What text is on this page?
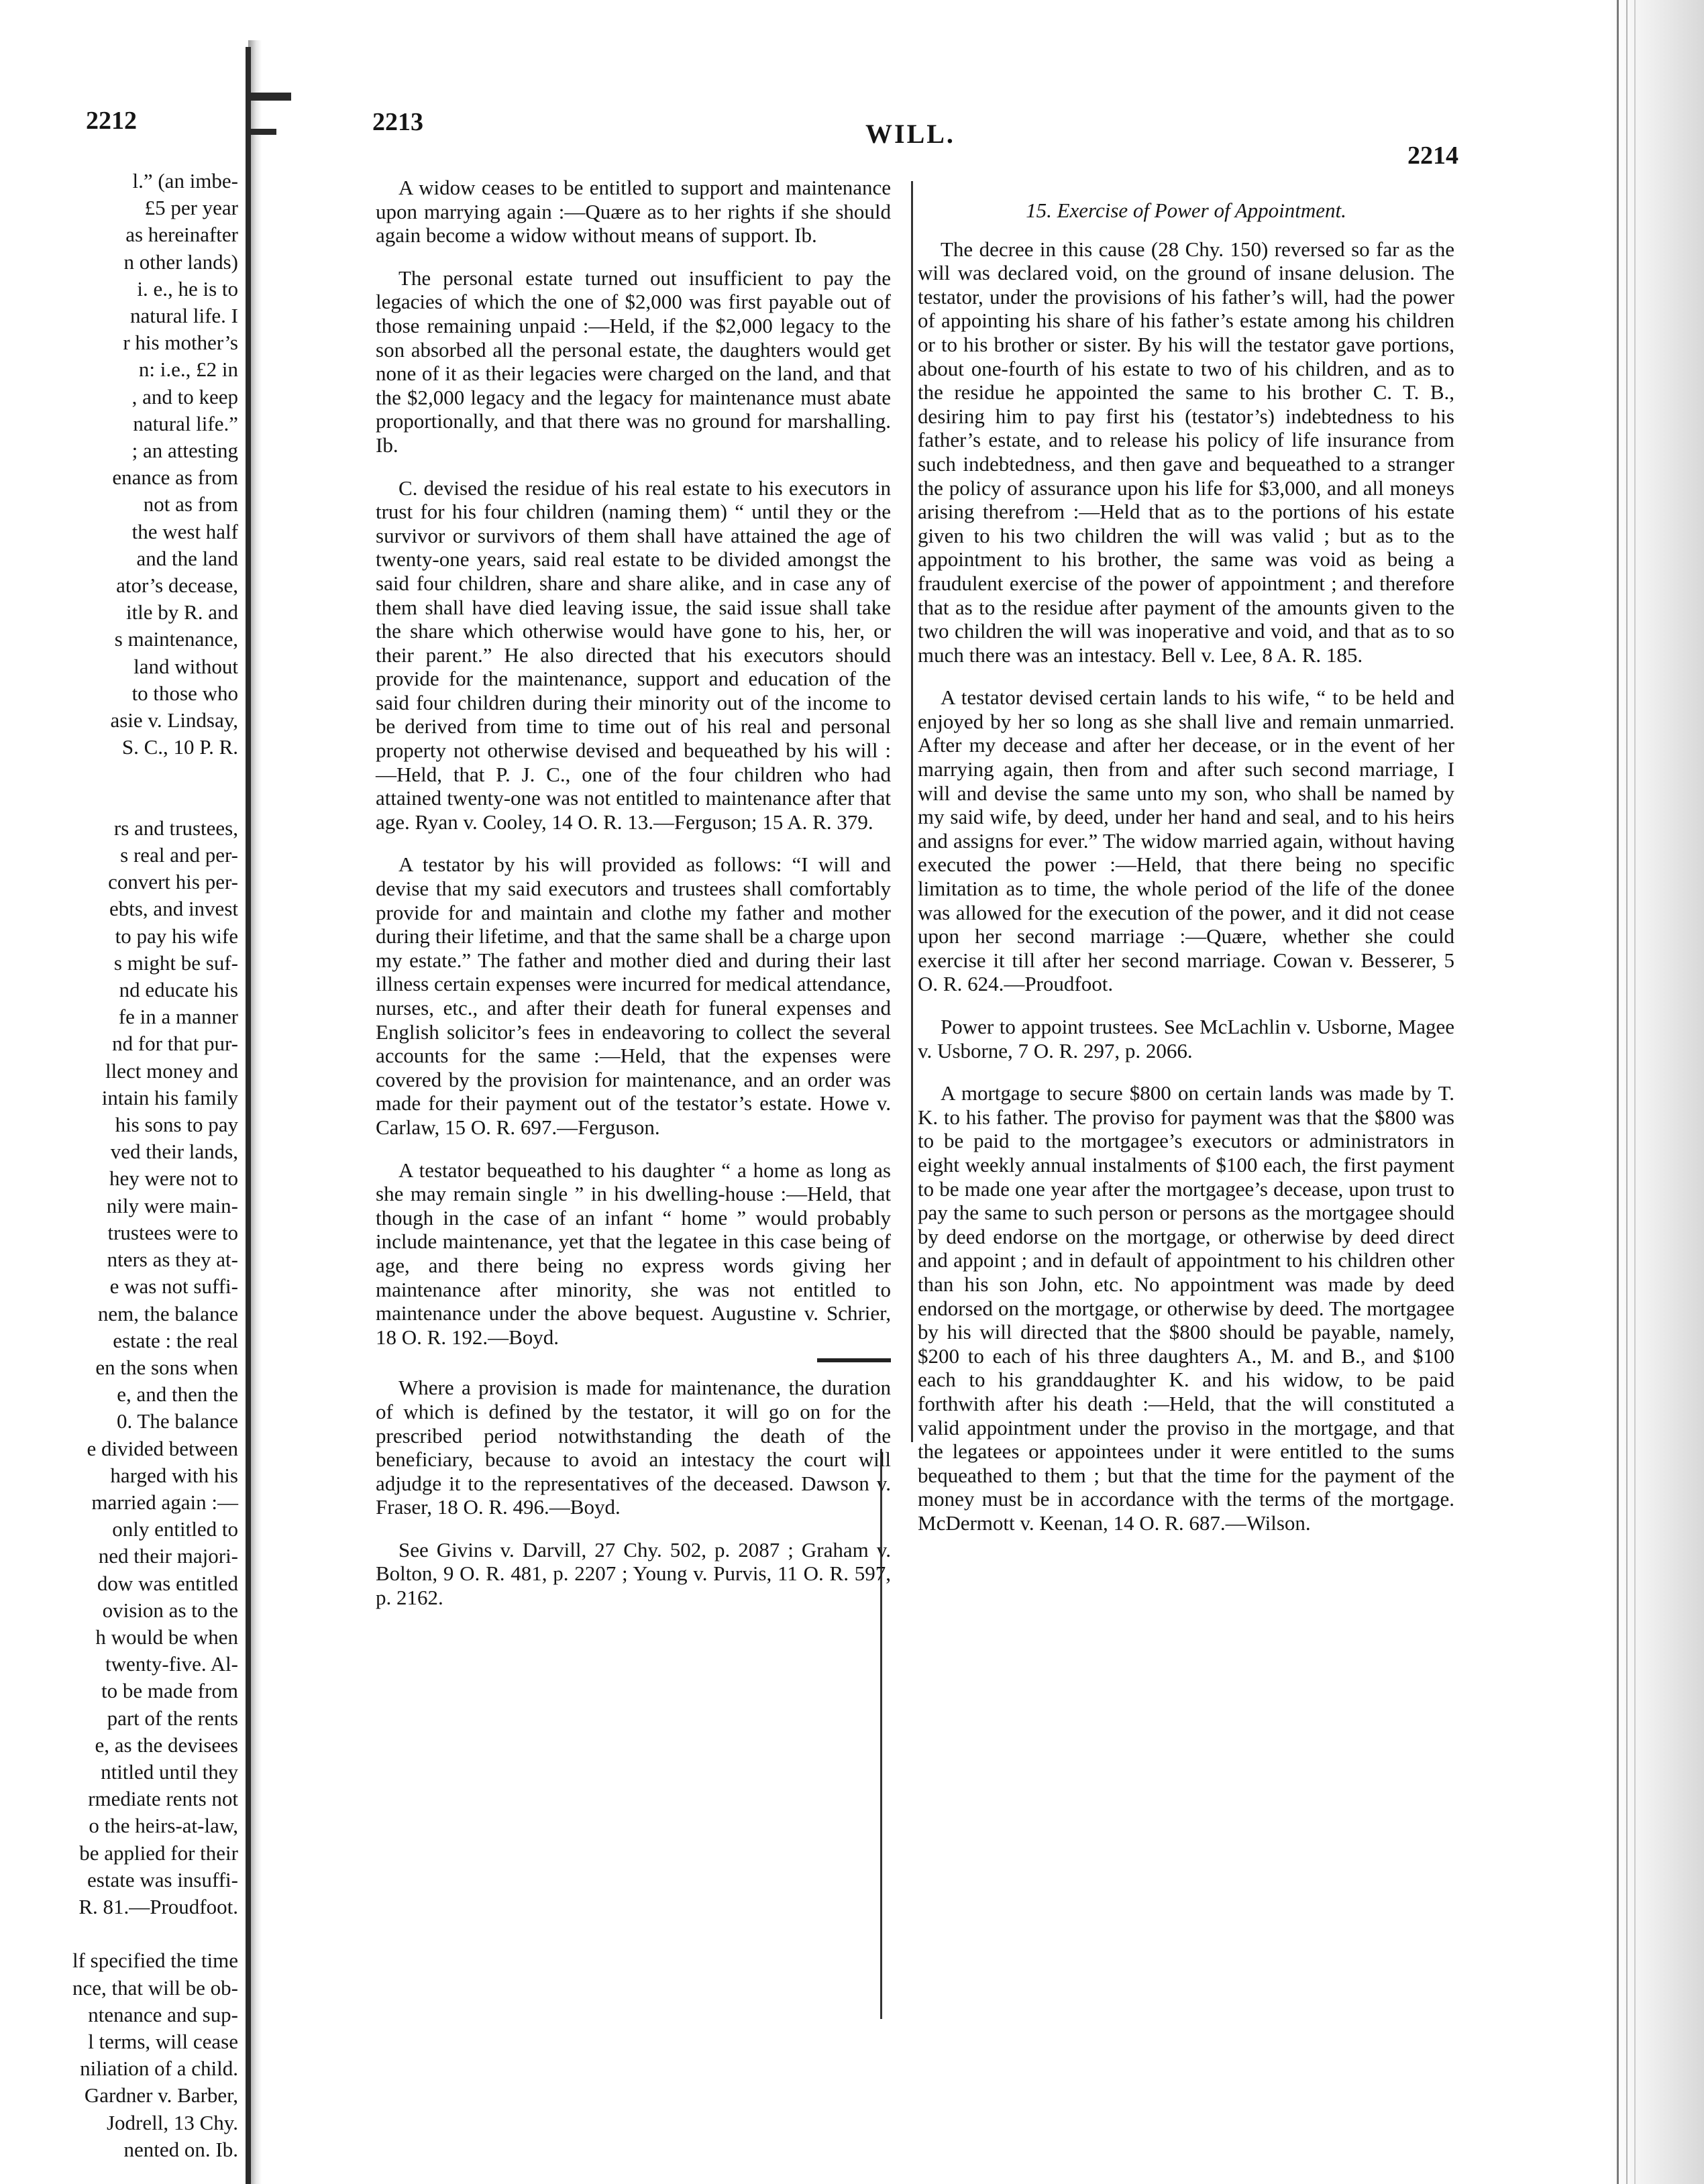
2212	2213
2214
WILL.
l.” (an imbe-
£5 per year
as hereinafter
n other lands)
i. e., he is to
natural life. I
r his mother’s
n: i.e., £2 in
, and to keep
natural life.”
; an attesting
enance as from
not as from
the west half
and the land
ator’s decease,
itle by R. and
s maintenance,
land without
to those who
asie v. Lindsay,
S. C., 10 P. R.
rs and trustees,
s real and per-
convert his per-
ebts, and invest
to pay his wife
s might be suf-
nd educate his
fe in a manner
nd for that pur-
llect money and
intain his family
his sons to pay
ved their lands,
hey were not to
nily were main-
trustees were to
nters as they at-
e was not suffi-
nem, the balance
estate : the real
en the sons when
e, and then the
0. The balance
e divided between
harged with his
married again :—
only entitled to
ned their majori-
dow was entitled
ovision as to the
h would be when
twenty-five. Al-
to be made from
part of the rents
e, as the devisees
ntitled until they
rmediate rents not
o the heirs-at-law,
be applied for their
estate was insuffi-
R. 81.—Proudfoot.
lf specified the time
nce, that will be ob-
ntenance and sup-
l terms, will cease
niliation of a child.
Gardner v. Barber,
Jodrell, 13 Chy.
nented on. Ib.

A widow ceases to be entitled to support and maintenance upon marrying again :—Quære as to her rights if she should again become a widow without means of support. Ib.

The personal estate turned out insufficient to pay the legacies of which the one of $2,000 was first payable out of those remaining unpaid :—Held, if the $2,000 legacy to the son absorbed all the personal estate, the daughters would get none of it as their legacies were charged on the land, and that the $2,000 legacy and the legacy for maintenance must abate proportionally, and that there was no ground for marshalling. Ib.

C. devised the residue of his real estate to his executors in trust for his four children (naming them) “ until they or the survivor or survivors of them shall have attained the age of twenty-one years, said real estate to be divided amongst the said four children, share and share alike, and in case any of them shall have died leaving issue, the said issue shall take the share which otherwise would have gone to his, her, or their parent.” He also directed that his executors should provide for the maintenance, support and education of the said four children during their minority out of the income to be derived from time to time out of his real and personal property not otherwise devised and bequeathed by his will :—Held, that P. J. C., one of the four children who had attained twenty-one was not entitled to maintenance after that age. Ryan v. Cooley, 14 O. R. 13.—Ferguson; 15 A. R. 379.

A testator by his will provided as follows: “I will and devise that my said executors and trustees shall comfortably provide for and maintain and clothe my father and mother during their lifetime, and that the same shall be a charge upon my estate.” The father and mother died and during their last illness certain expenses were incurred for medical attendance, nurses, etc., and after their death for funeral expenses and English solicitor’s fees in endeavoring to collect the several accounts for the same :—Held, that the expenses were covered by the provision for maintenance, and an order was made for their payment out of the testator’s estate. Howe v. Carlaw, 15 O. R. 697.—Ferguson.

A testator bequeathed to his daughter “ a home as long as she may remain single ” in his dwelling-house :—Held, that though in the case of an infant “ home ” would probably include maintenance, yet that the legatee in this case being of age, and there being no express words giving her maintenance after minority, she was not entitled to maintenance under the above bequest. Augustine v. Schrier, 18 O. R. 192.—Boyd.

Where a provision is made for maintenance, the duration of which is defined by the testator, it will go on for the prescribed period notwithstanding the death of the beneficiary, because to avoid an intestacy the court will adjudge it to the representatives of the deceased. Dawson v. Fraser, 18 O. R. 496.—Boyd.

See Givins v. Darvill, 27 Chy. 502, p. 2087 ; Graham v. Bolton, 9 O. R. 481, p. 2207 ; Young v. Purvis, 11 O. R. 597, p. 2162.

15. Exercise of Power of Appointment.

The decree in this cause (28 Chy. 150) reversed so far as the will was declared void, on the ground of insane delusion. The testator, under the provisions of his father’s will, had the power of appointing his share of his father’s estate among his children or to his brother or sister. By his will the testator gave portions, about one-fourth of his estate to two of his children, and as to the residue he appointed the same to his brother C. T. B., desiring him to pay first his (testator’s) indebtedness to his father’s estate, and to release his policy of life insurance from such indebtedness, and then gave and bequeathed to a stranger the policy of assurance upon his life for $3,000, and all moneys arising therefrom :—Held that as to the portions of his estate given to his two children the will was valid ; but as to the appointment to his brother, the same was void as being a fraudulent exercise of the power of appointment ; and therefore that as to the residue after payment of the amounts given to the two children the will was inoperative and void, and that as to so much there was an intestacy. Bell v. Lee, 8 A. R. 185.

A testator devised certain lands to his wife, “ to be held and enjoyed by her so long as she shall live and remain unmarried. After my decease and after her decease, or in the event of her marrying again, then from and after such second marriage, I will and devise the same unto my son, who shall be named by my said wife, by deed, under her hand and seal, and to his heirs and assigns for ever.” The widow married again, without having executed the power :—Held, that there being no specific limitation as to time, the whole period of the life of the donee was allowed for the execution of the power, and it did not cease upon her second marriage :—Quære, whether she could exercise it till after her second marriage. Cowan v. Besserer, 5 O. R. 624.—Proudfoot.

Power to appoint trustees. See McLachlin v. Usborne, Magee v. Usborne, 7 O. R. 297, p. 2066.

A mortgage to secure $800 on certain lands was made by T. K. to his father. The proviso for payment was that the $800 was to be paid to the mortgagee’s executors or administrators in eight weekly annual instalments of $100 each, the first payment to be made one year after the mortgagee’s decease, upon trust to pay the same to such person or persons as the mortgagee should by deed endorse on the mortgage, or otherwise by deed direct and appoint ; and in default of appointment to his children other than his son John, etc. No appointment was made by deed endorsed on the mortgage, or otherwise by deed. The mortgagee by his will directed that the $800 should be payable, namely, $200 to each of his three daughters A., M. and B., and $100 each to his granddaughter K. and his widow, to be paid forthwith after his death :—Held, that the will constituted a valid appointment under the proviso in the mortgage, and that the legatees or appointees under it were entitled to the sums bequeathed to them ; but that the time for the payment of the money must be in accordance with the terms of the mortgage. McDermott v. Keenan, 14 O. R. 687.—Wilson.
